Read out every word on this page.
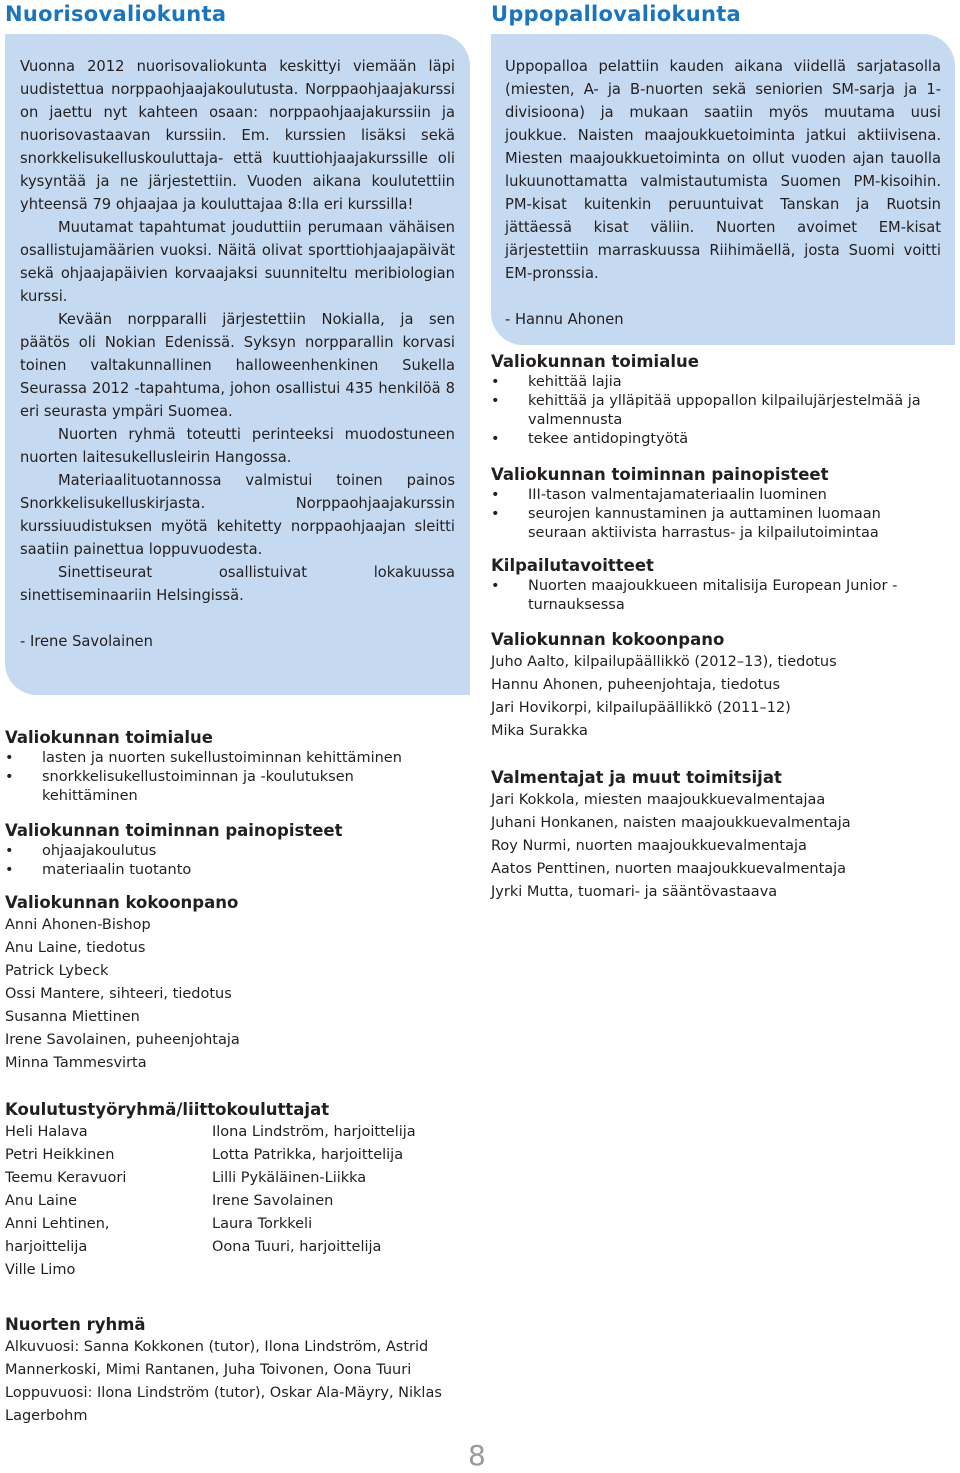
Nuorisovaliokunta

Vuonna 2012 nuorisovaliokunta keskittyi viemään läpi uudistettua norppaohjaajakoulutusta. Norppaohjaajakurssi on jaettu nyt kahteen osaan: norppaohjaajakurssiin ja nuorisovastaavan kurssiin. Em. kurssien lisäksi sekä snorkkelisukelluskouluttaja- että kuuttiohjaajakurssille oli kysyntää ja ne järjestettiin. Vuoden aikana koulutettiin yhteensä 79 ohjaajaa ja kouluttajaa 8:lla eri kurssilla!

Muutamat tapahtumat jouduttiin perumaan vähäisen osallistujamäärien vuoksi. Näitä olivat sporttiohjaajapäivät sekä ohjaajapäivien korvaajaksi suunniteltu meribiologian kurssi.

Kevään norpparalli järjestettiin Nokialla, ja sen päätös oli Nokian Edenissä. Syksyn norpparallin korvasi toinen valtakunnallinen halloweenhenkinen Sukella Seurassa 2012 -tapahtuma, johon osallistui 435 henkilöä 8 eri seurasta ympäri Suomea.

Nuorten ryhmä toteutti perinteeksi muodostuneen nuorten laitesukellusleirin Hangossa.

Materiaalituotannossa valmistui toinen painos Snorkkelisukelluskirjasta. Norppaohjaajakurssin kurssiuudistuksen myötä kehitetty norppaohjaajan sleitti saatiin painettua loppuvuodesta.

Sinettiseurat osallistuivat lokakuussa sinettiseminaariin Helsingissä.

- Irene Savolainen

Valiokunnan toimialue
• lasten ja nuorten sukellustoiminnan kehittäminen
• snorkkelisukellustoiminnan ja -koulutuksen kehittäminen
Valiokunnan toiminnan painopisteet
• ohjaajakoulutus
• materiaalin tuotanto
Valiokunnan kokoonpano
Anni Ahonen-Bishop
Anu Laine, tiedotus
Patrick Lybeck
Ossi Mantere, sihteeri, tiedotus
Susanna Miettinen
Irene Savolainen, puheenjohtaja
Minna Tammesvirta
Koulutustyöryhmä/liittokouluttajat
Heli Halava
Petri Heikkinen
Teemu Keravuori
Anu Laine
Anni Lehtinen,
harjoittelija
Ville Limo
Ilona Lindström, harjoittelija
Lotta Patrikka, harjoittelija
Lilli Pykäläinen-Liikka
Irene Savolainen
Laura Torkkeli
Oona Tuuri, harjoittelija
Nuorten ryhmä
Alkuvuosi: Sanna Kokkonen (tutor), Ilona Lindström, Astrid Mannerkoski, Mimi Rantanen, Juha Toivonen, Oona Tuuri Loppuvuosi: Ilona Lindström (tutor), Oskar Ala-Mäyry, Niklas Lagerbohm
Uppopallovaliokunta

Uppopalloa pelattiin kauden aikana viidellä sarjatasolla (miesten, A- ja B-nuorten sekä seniorien SM-sarja ja 1-divisioona) ja mukaan saatiin myös muutama uusi joukkue. Naisten maajoukkuetoiminta jatkui aktiivisena. Miesten maajoukkuetoiminta on ollut vuoden ajan tauolla lukuunottamatta valmistautumista Suomen PM-kisoihin. PM-kisat kuitenkin peruuntuivat Tanskan ja Ruotsin jättäessä kisat väliin. Nuorten avoimet EM-kisat järjestettiin marraskuussa Riihimäellä, josta Suomi voitti EM-pronssia.

- Hannu Ahonen

Valiokunnan toimialue
• kehittää lajia
• kehittää ja ylläpitää uppopallon kilpailujärjestelmää ja valmennusta
• tekee antidopingtyötä
Valiokunnan toiminnan painopisteet
• III-tason valmentajamateriaalin luominen
• seurojen kannustaminen ja auttaminen luomaan seuraan aktiivista harrastus- ja kilpailutoimintaa
Kilpailutavoitteet
• Nuorten maajoukkueen mitalisija European Junior -turnauksessa
Valiokunnan kokoonpano
Juho Aalto, kilpailupäällikkö (2012–13), tiedotus
Hannu Ahonen, puheenjohtaja, tiedotus
Jari Hovikorpi, kilpailupäällikkö (2011–12)
Mika Surakka
Valmentajat ja muut toimitsijat
Jari Kokkola, miesten maajoukkuevalmentajaa
Juhani Honkanen, naisten maajoukkuevalmentaja
Roy Nurmi, nuorten maajoukkuevalmentaja
Aatos Penttinen, nuorten maajoukkuevalmentaja
Jyrki Mutta, tuomari- ja sääntövastaava
8
